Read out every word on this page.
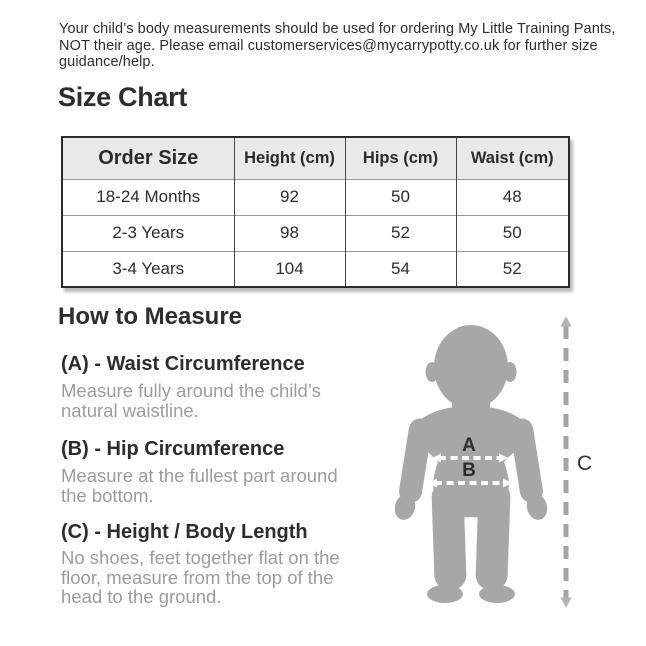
Your child’s body measurements should be used for ordering My Little Training Pants,
NOT their age. Please email customerservices@mycarrypotty.co.uk for further size
guidance/help.
Size Chart
Order Size	Height (cm)	Hips (cm)	Waist (cm)
18-24 Months	92	50	48
2-3 Years	98	52	50
3-4 Years	104	54	52
How to Measure
(A) - Waist Circumference
Measure fully around the child’s
natural waistline.
(B) - Hip Circumference
Measure at the fullest part around
the bottom.
(C) - Height / Body Length
No shoes, feet together flat on the
floor, measure from the top of the
head to the ground.
A
B	C
